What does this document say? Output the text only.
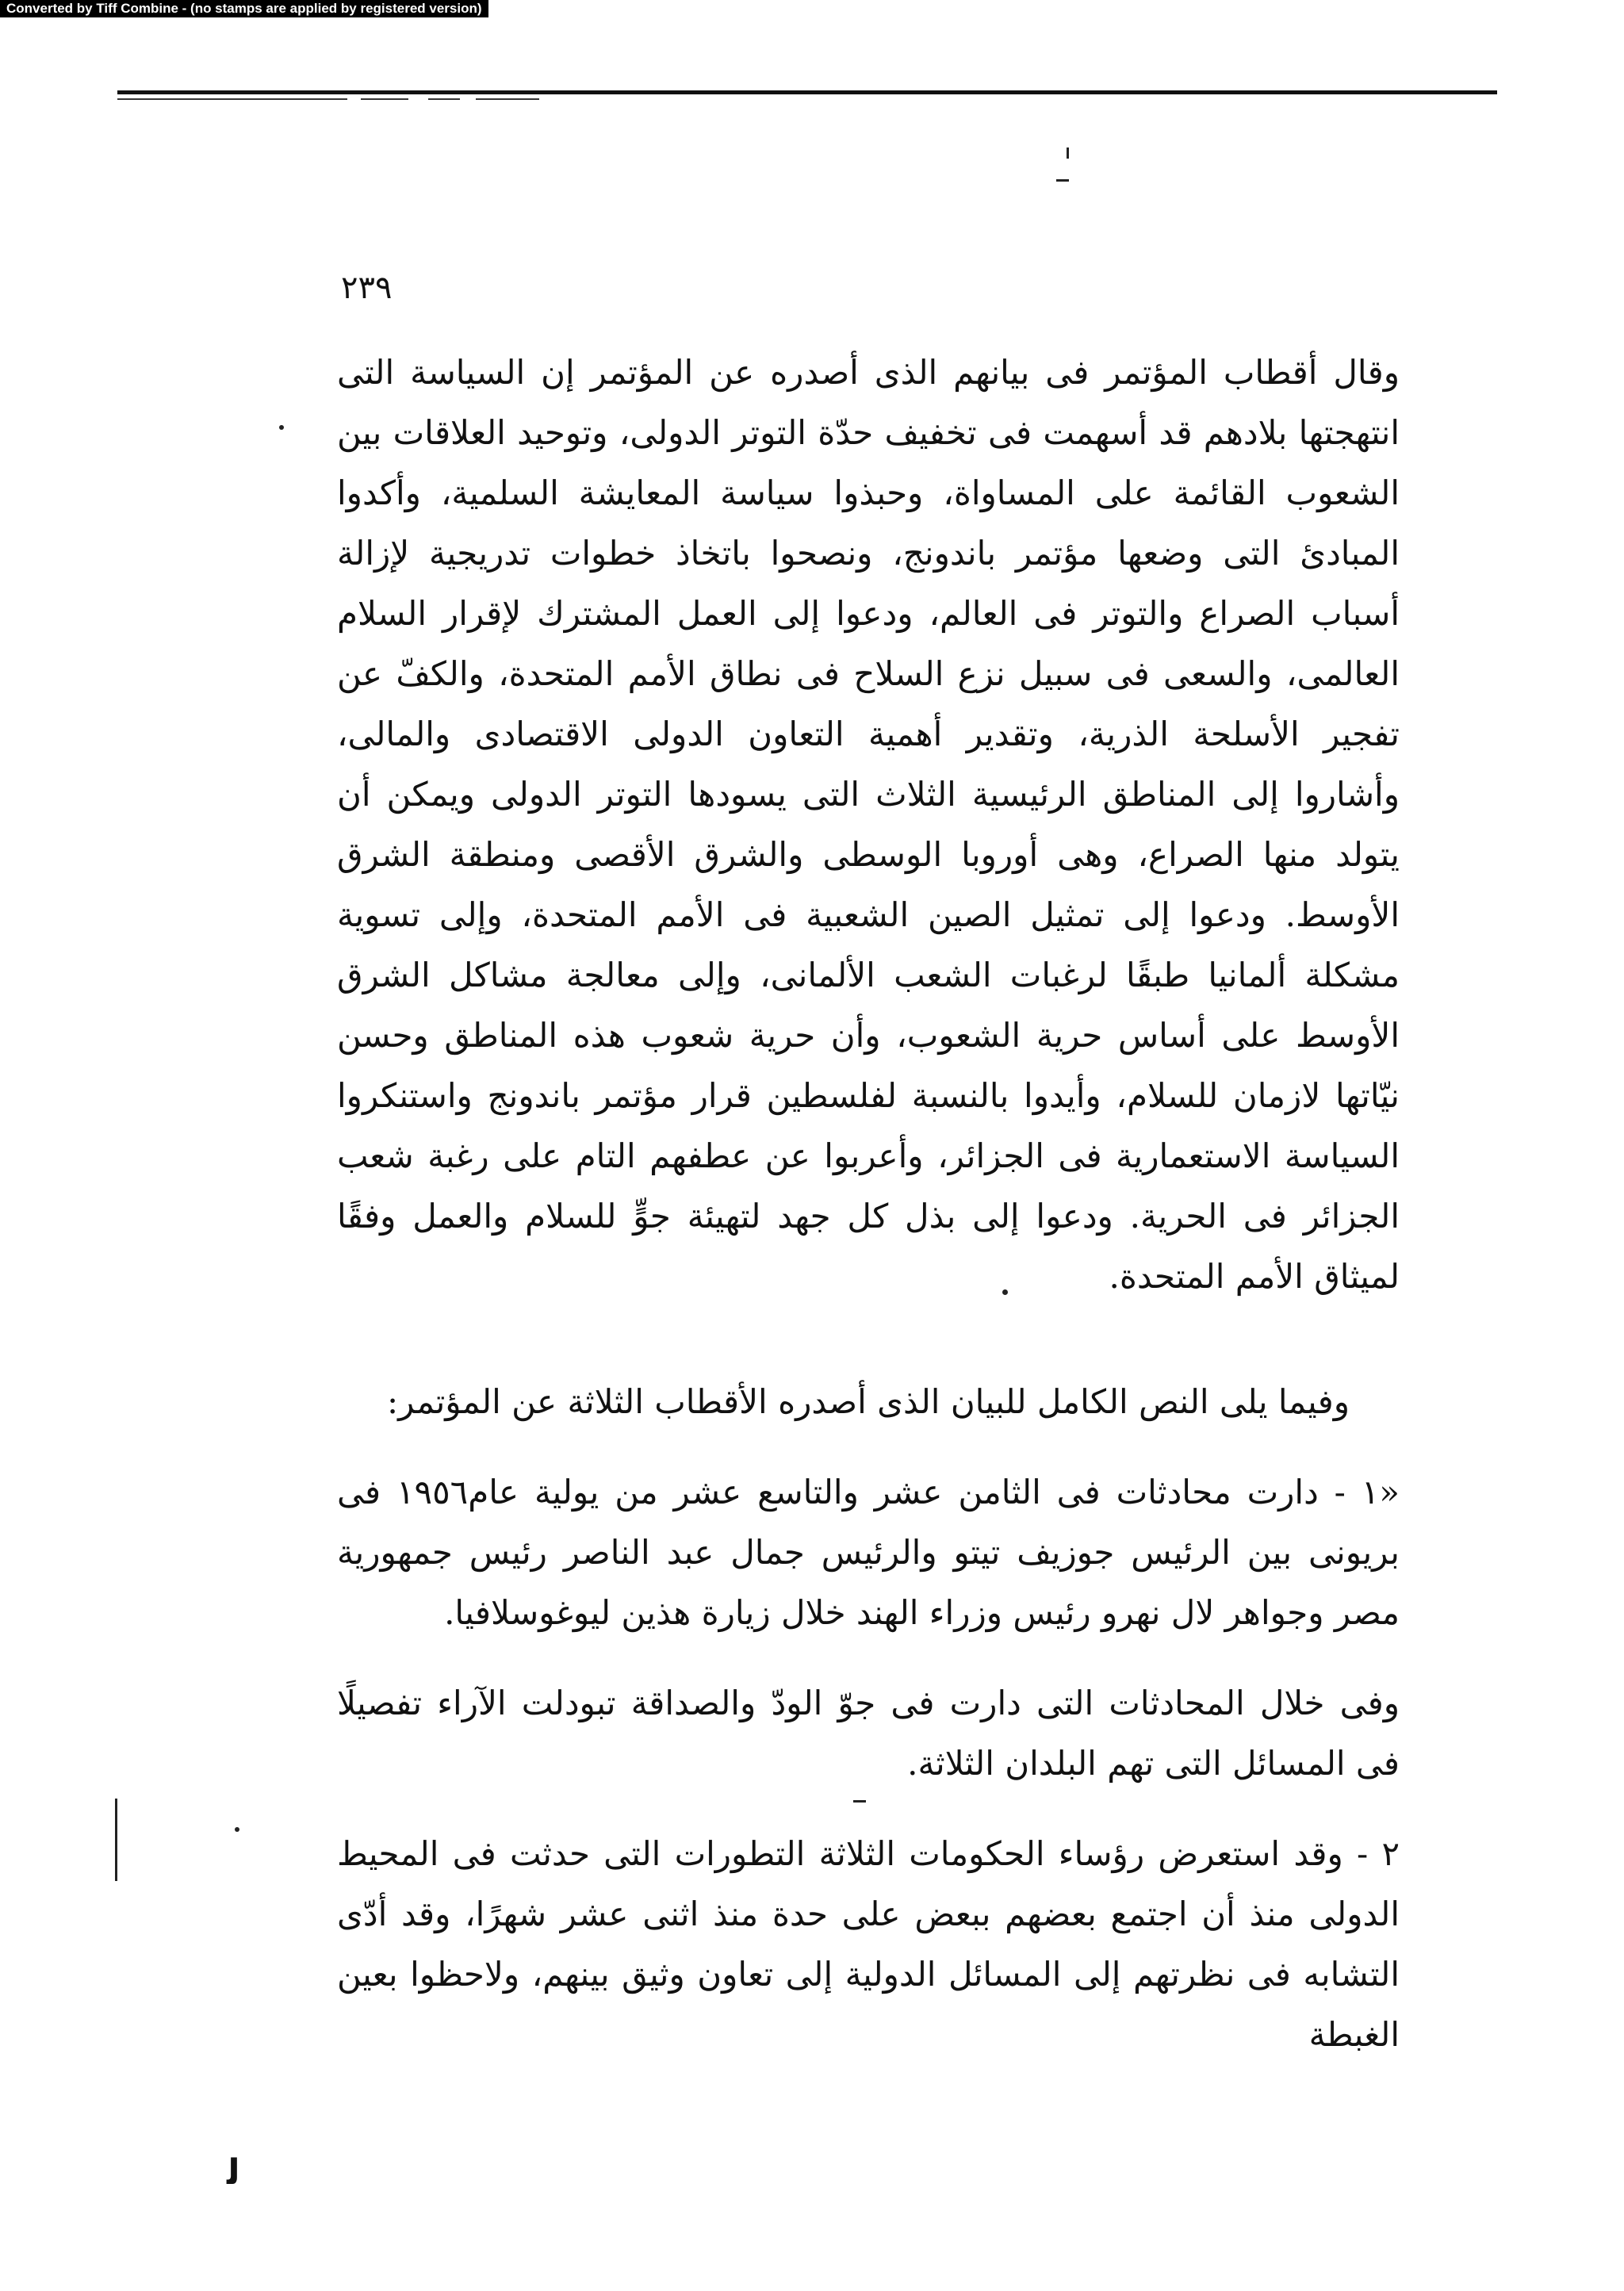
Converted by Tiff Combine - (no stamps are applied by registered version)
٢٣٩

وقال أقطاب المؤتمر فى بيانهم الذى أصدره عن المؤتمر إن السياسة التى انتهجتها بلادهم قد أسهمت فى تخفيف حدّة التوتر الدولى، وتوحيد العلاقات بين الشعوب القائمة على المساواة، وحبذوا سياسة المعايشة السلمية، وأكدوا المبادئ التى وضعها مؤتمر باندونج، ونصحوا باتخاذ خطوات تدريجية لإزالة أسباب الصراع والتوتر فى العالم، ودعوا إلى العمل المشترك لإقرار السلام العالمى، والسعى فى سبيل نزع السلاح فى نطاق الأمم المتحدة، والكفّ عن تفجير الأسلحة الذرية، وتقدير أهمية التعاون الدولى الاقتصادى والمالى، وأشاروا إلى المناطق الرئيسية الثلاث التى يسودها التوتر الدولى ويمكن أن يتولد منها الصراع، وهى أوروبا الوسطى والشرق الأقصى ومنطقة الشرق الأوسط. ودعوا إلى تمثيل الصين الشعبية فى الأمم المتحدة، وإلى تسوية مشكلة ألمانيا طبقًا لرغبات الشعب الألمانى، وإلى معالجة مشاكل الشرق الأوسط على أساس حرية الشعوب، وأن حرية شعوب هذه المناطق وحسن نيّاتها لازمان للسلام، وأيدوا بالنسبة لفلسطين قرار مؤتمر باندونج واستنكروا السياسة الاستعمارية فى الجزائر، وأعربوا عن عطفهم التام على رغبة شعب الجزائر فى الحرية. ودعوا إلى بذل كل جهد لتهيئة جوٍّ للسلام والعمل وفقًا لميثاق الأمم المتحدة.

وفيما يلى النص الكامل للبيان الذى أصدره الأقطاب الثلاثة عن المؤتمر:

«١ - دارت محادثات فى الثامن عشر والتاسع عشر من يولية عام١٩٥٦ فى بريونى بين الرئيس جوزيف تيتو والرئيس جمال عبد الناصر رئيس جمهورية مصر وجواهر لال نهرو رئيس وزراء الهند خلال زيارة هذين ليوغوسلافيا.

وفى خلال المحادثات التى دارت فى جوّ الودّ والصداقة تبودلت الآراء تفصيلًا فى المسائل التى تهم البلدان الثلاثة.

٢ - وقد استعرض رؤساء الحكومات الثلاثة التطورات التى حدثت فى المحيط الدولى منذ أن اجتمع بعضهم ببعض على حدة منذ اثنى عشر شهرًا، وقد أدّى التشابه فى نظرتهم إلى المسائل الدولية إلى تعاون وثيق بينهم، ولاحظوا بعين الغبطة

ﻟ
